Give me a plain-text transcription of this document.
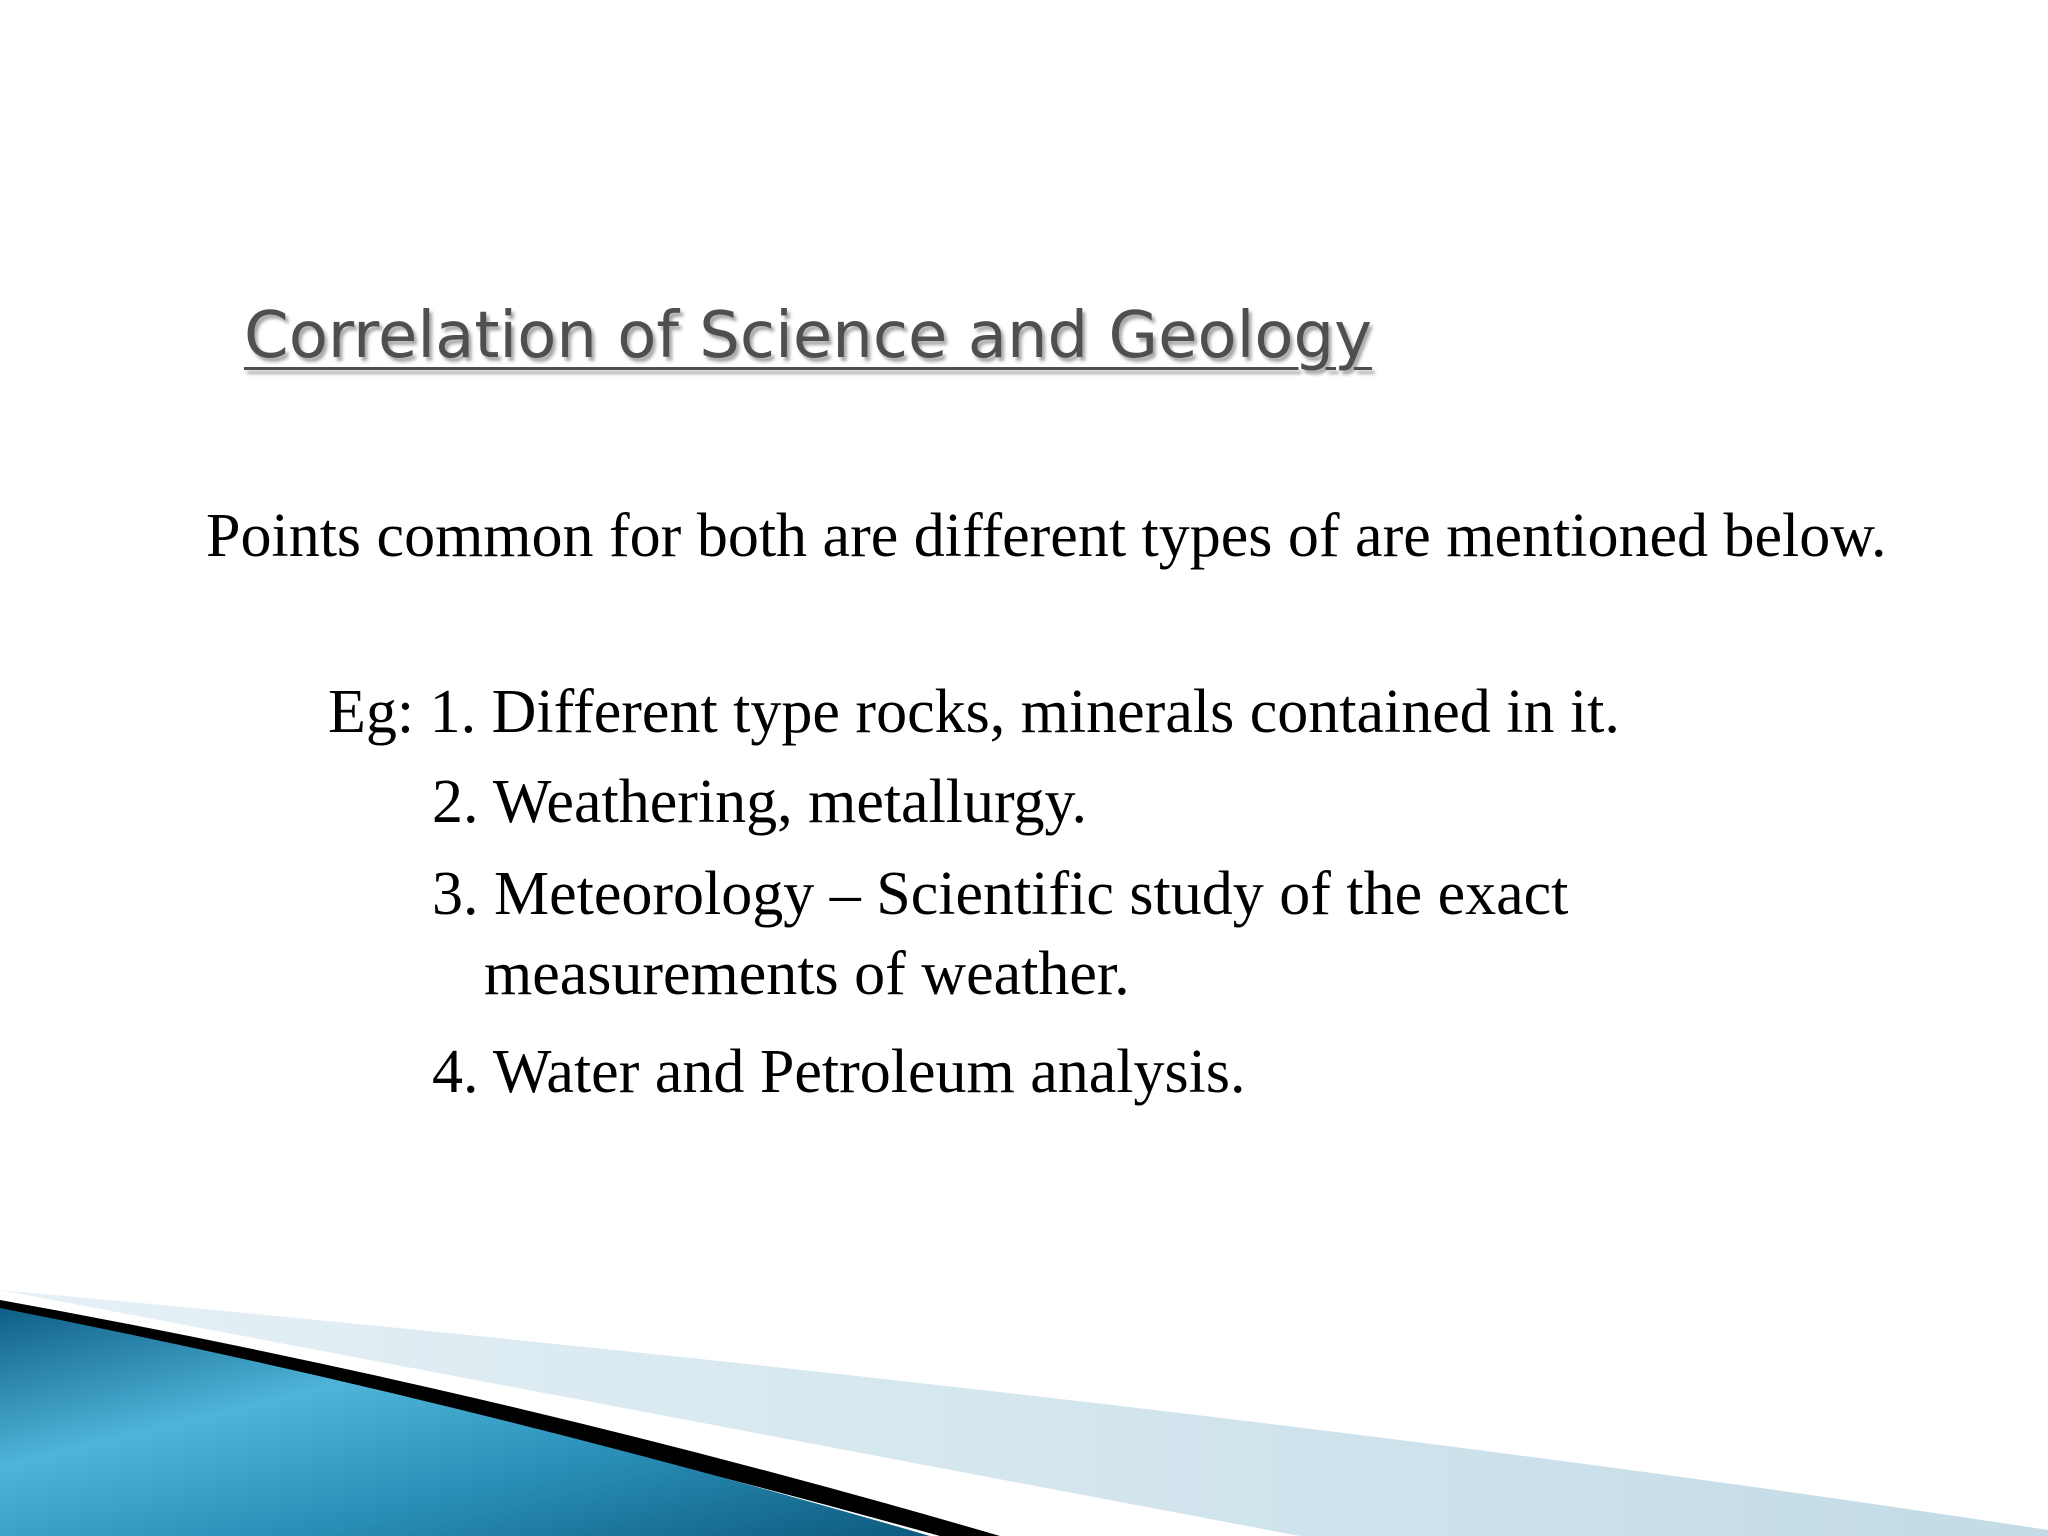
Correlation of Science and Geology

Points common for both are different types of are mentioned below.

Eg: 1. Different type rocks, minerals contained in it.
2. Weathering, metallurgy.
3. Meteorology – Scientific study of the exact
measurements of weather.
4. Water and Petroleum analysis.
